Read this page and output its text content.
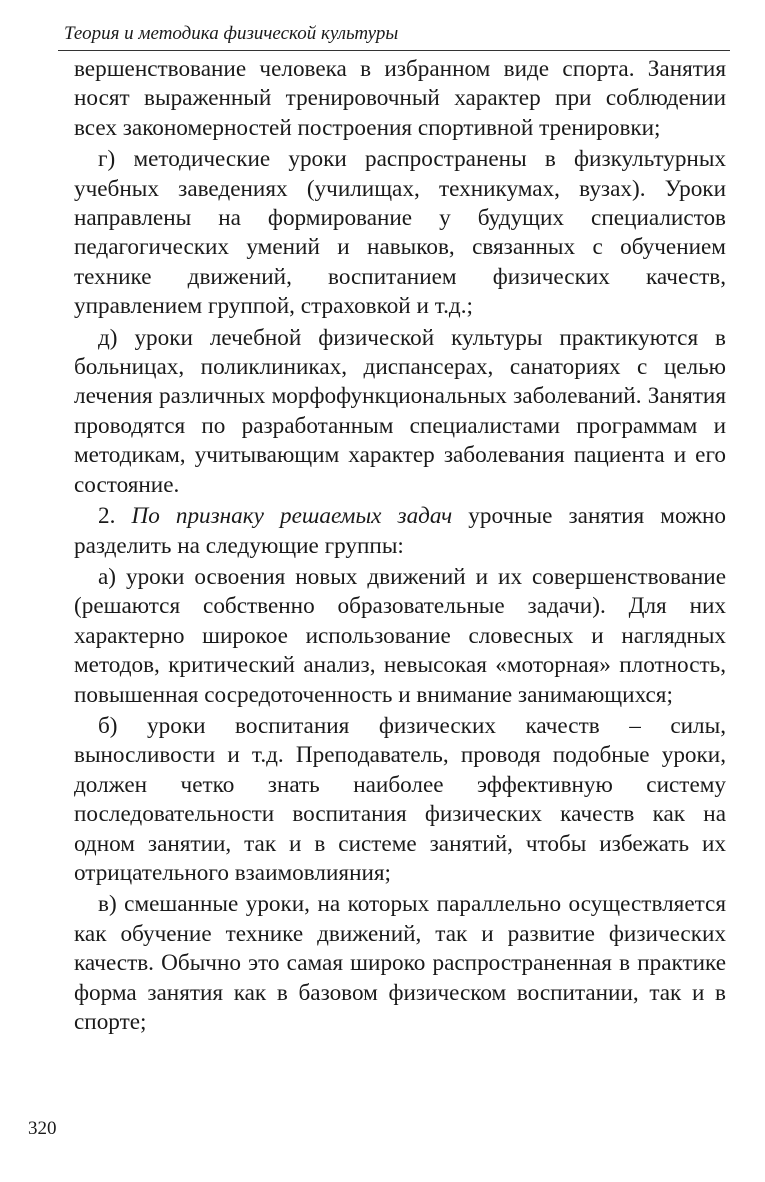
Теория и методика физической культуры

вершенствование человека в избранном виде спорта. Занятия носят выраженный тренировочный характер при соблюдении всех закономерностей построения спортивной тренировки;

г) методические уроки распространены в физкультурных учебных заведениях (училищах, техникумах, вузах). Уроки направлены на формирование у будущих специалистов педагогических умений и навыков, связанных с обучением технике движений, воспитанием физических качеств, управлением группой, страховкой и т.д.;

д) уроки лечебной физической культуры практикуются в больницах, поликлиниках, диспансерах, санаториях с целью лечения различных морфофункциональных заболеваний. Занятия проводятся по разработанным специалистами программам и методикам, учитывающим характер заболевания пациента и его состояние.

2. По признаку решаемых задач урочные занятия можно разделить на следующие группы:

а) уроки освоения новых движений и их совершенствование (решаются собственно образовательные задачи). Для них характерно широкое использование словесных и наглядных методов, критический анализ, невысокая «моторная» плотность, повышенная сосредоточенность и внимание занимающихся;

б) уроки воспитания физических качеств – силы, выносливости и т.д. Преподаватель, проводя подобные уроки, должен четко знать наиболее эффективную систему последовательности воспитания физических качеств как на одном занятии, так и в системе занятий, чтобы избежать их отрицательного взаимовлияния;

в) смешанные уроки, на которых параллельно осуществляется как обучение технике движений, так и развитие физических качеств. Обычно это самая широко распространенная в практике форма занятия как в базовом физическом воспитании, так и в спорте;

320
